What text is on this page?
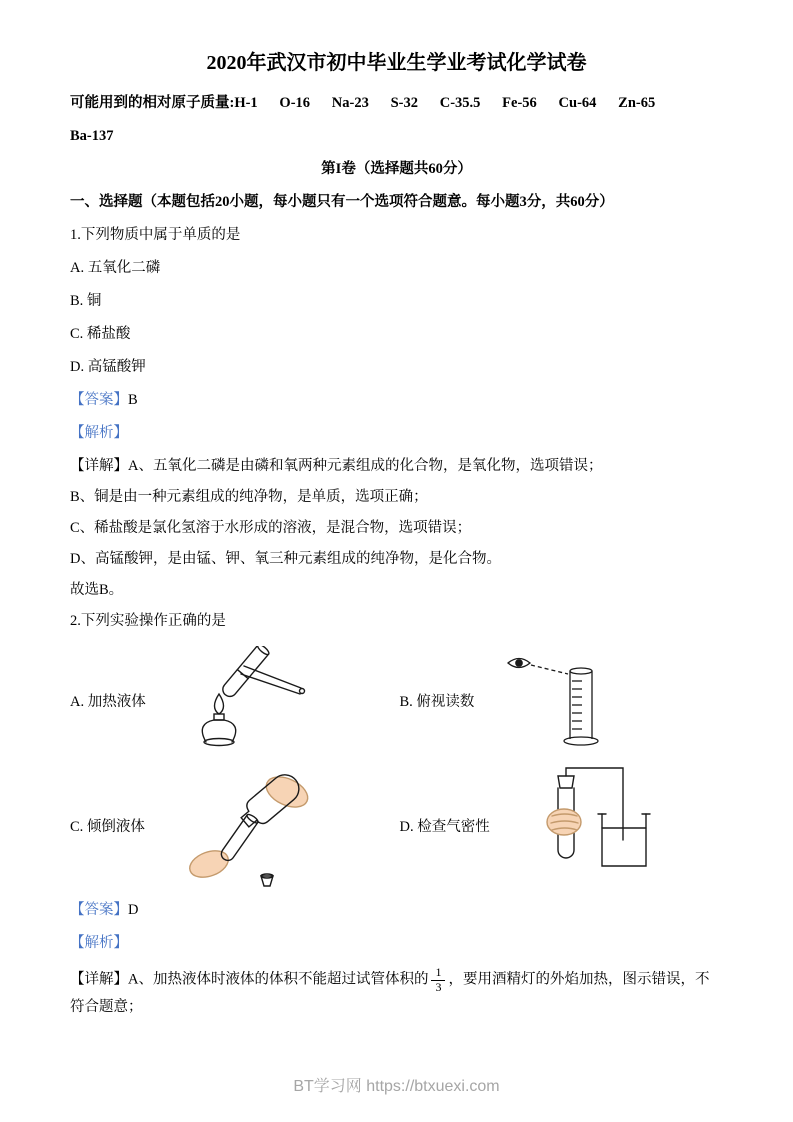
2020年武汉市初中毕业生学业考试化学试卷

可能用到的相对原子质量:H-1      O-16      Na-23      S-32      C-35.5      Fe-56      Cu-64      Zn-65

Ba-137

第I卷（选择题共60分）

一、选择题（本题包括20小题，每小题只有一个选项符合题意。每小题3分，共60分）

1.下列物质中属于单质的是

A. 五氧化二磷

B. 铜

C. 稀盐酸

D. 高锰酸钾

【答案】B

【解析】

【详解】A、五氧化二磷是由磷和氧两种元素组成的化合物，是氧化物，选项错误；

B、铜是由一种元素组成的纯净物，是单质，选项正确；

C、稀盐酸是氯化氢溶于水形成的溶液，是混合物，选项错误；

D、高锰酸钾，是由锰、钾、氧三种元素组成的纯净物，是化合物。

故选B。

2.下列实验操作正确的是

A. 加热液体	B. 俯视读数
C. 倾倒液体	D. 检查气密性

【答案】D

【解析】

【详解】A、加热液体时液体的体积不能超过试管体积的 $\frac{1}{3}$ ，要用酒精灯的外焰加热，图示错误，不符合题意；

BT学习网 https://btxuexi.com
